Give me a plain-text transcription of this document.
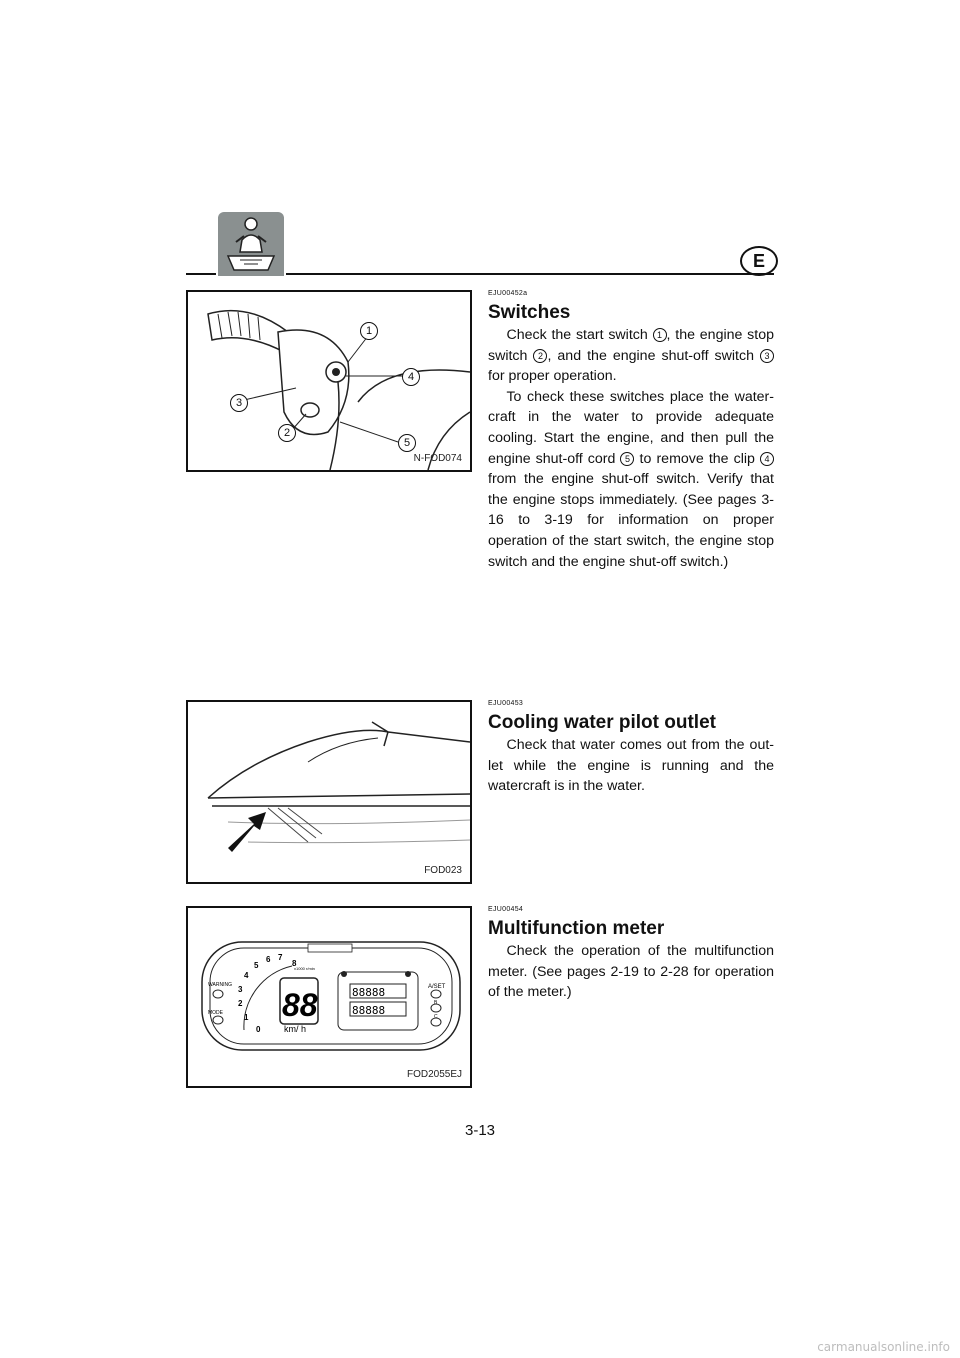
E
1
4
3
2
5
N-FOD074
EJU00452a
Switches

Check the start switch 1 , the engine stop switch 2 , and the engine shut-off switch 3 for proper operation.

To check these switches place the water- craft in the water to provide adequate cooling. Start the engine, and then pull the engine shut-off cord 5 to remove the clip 4 from the engine shut-off switch. Verify that the engine stops immediately. (See pages 3-16 to 3-19 for information on proper operation of the start switch, the engine stop switch and the engine shut-off switch.)

FOD023
EJU00453
Cooling water pilot outlet

Check that water comes out from the out- let while the engine is running and the watercraft is in the water.

WARNING
MODE
A/SET
B
C
88
km/ h
88888
88888
x1000 r/min
0
1
2
3
4
5
6 7
8
FOD2055EJ
EJU00454
Multifunction meter

Check the operation of the multifunction meter. (See pages 2-19 to 2-28 for operation of the meter.)

3-13
carmanualsonline.info
